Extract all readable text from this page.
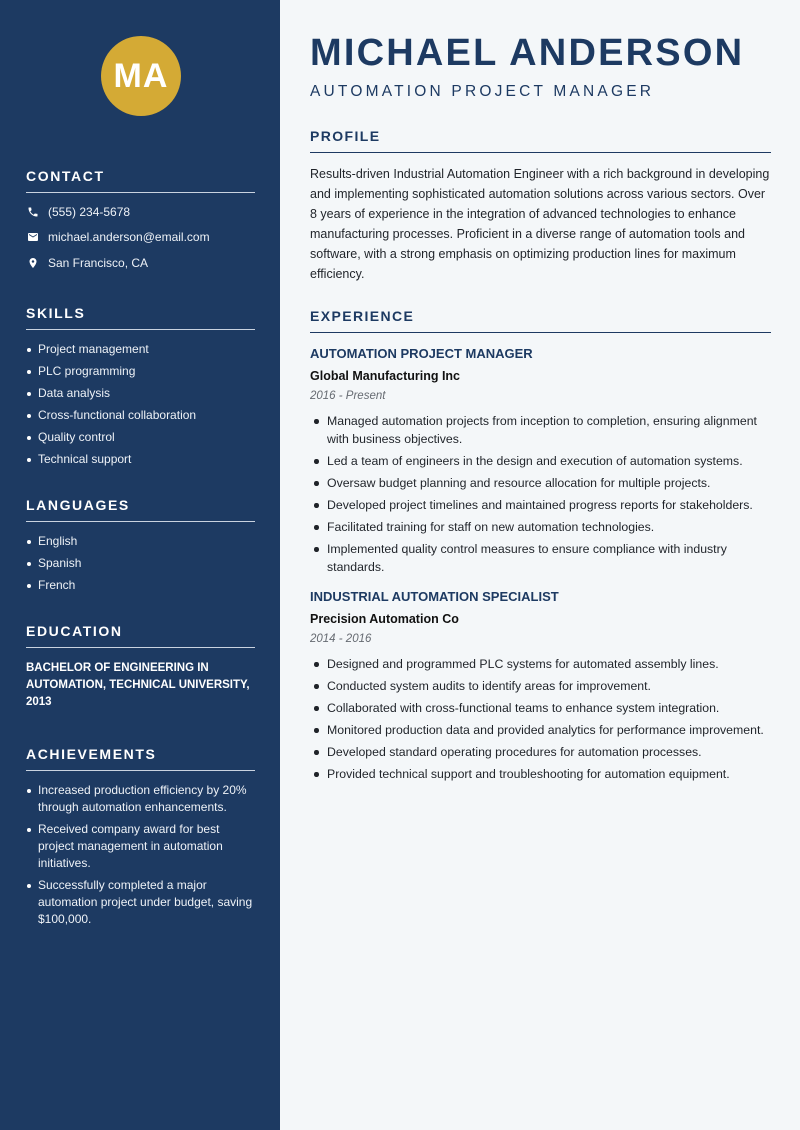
MA
CONTACT
(555) 234-5678
michael.anderson@email.com
San Francisco, CA
SKILLS
Project management
PLC programming
Data analysis
Cross-functional collaboration
Quality control
Technical support
LANGUAGES
English
Spanish
French
EDUCATION
BACHELOR OF ENGINEERING IN AUTOMATION, TECHNICAL UNIVERSITY, 2013
ACHIEVEMENTS
Increased production efficiency by 20% through automation enhancements.
Received company award for best project management in automation initiatives.
Successfully completed a major automation project under budget, saving $100,000.
MICHAEL ANDERSON
AUTOMATION PROJECT MANAGER
PROFILE

Results-driven Industrial Automation Engineer with a rich background in developing and implementing sophisticated automation solutions across various sectors. Over 8 years of experience in the integration of advanced technologies to enhance manufacturing processes. Proficient in a diverse range of automation tools and software, with a strong emphasis on optimizing production lines for maximum efficiency.

EXPERIENCE
AUTOMATION PROJECT MANAGER
Global Manufacturing Inc
2016 - Present
Managed automation projects from inception to completion, ensuring alignment with business objectives.
Led a team of engineers in the design and execution of automation systems.
Oversaw budget planning and resource allocation for multiple projects.
Developed project timelines and maintained progress reports for stakeholders.
Facilitated training for staff on new automation technologies.
Implemented quality control measures to ensure compliance with industry standards.
INDUSTRIAL AUTOMATION SPECIALIST
Precision Automation Co
2014 - 2016
Designed and programmed PLC systems for automated assembly lines.
Conducted system audits to identify areas for improvement.
Collaborated with cross-functional teams to enhance system integration.
Monitored production data and provided analytics for performance improvement.
Developed standard operating procedures for automation processes.
Provided technical support and troubleshooting for automation equipment.
